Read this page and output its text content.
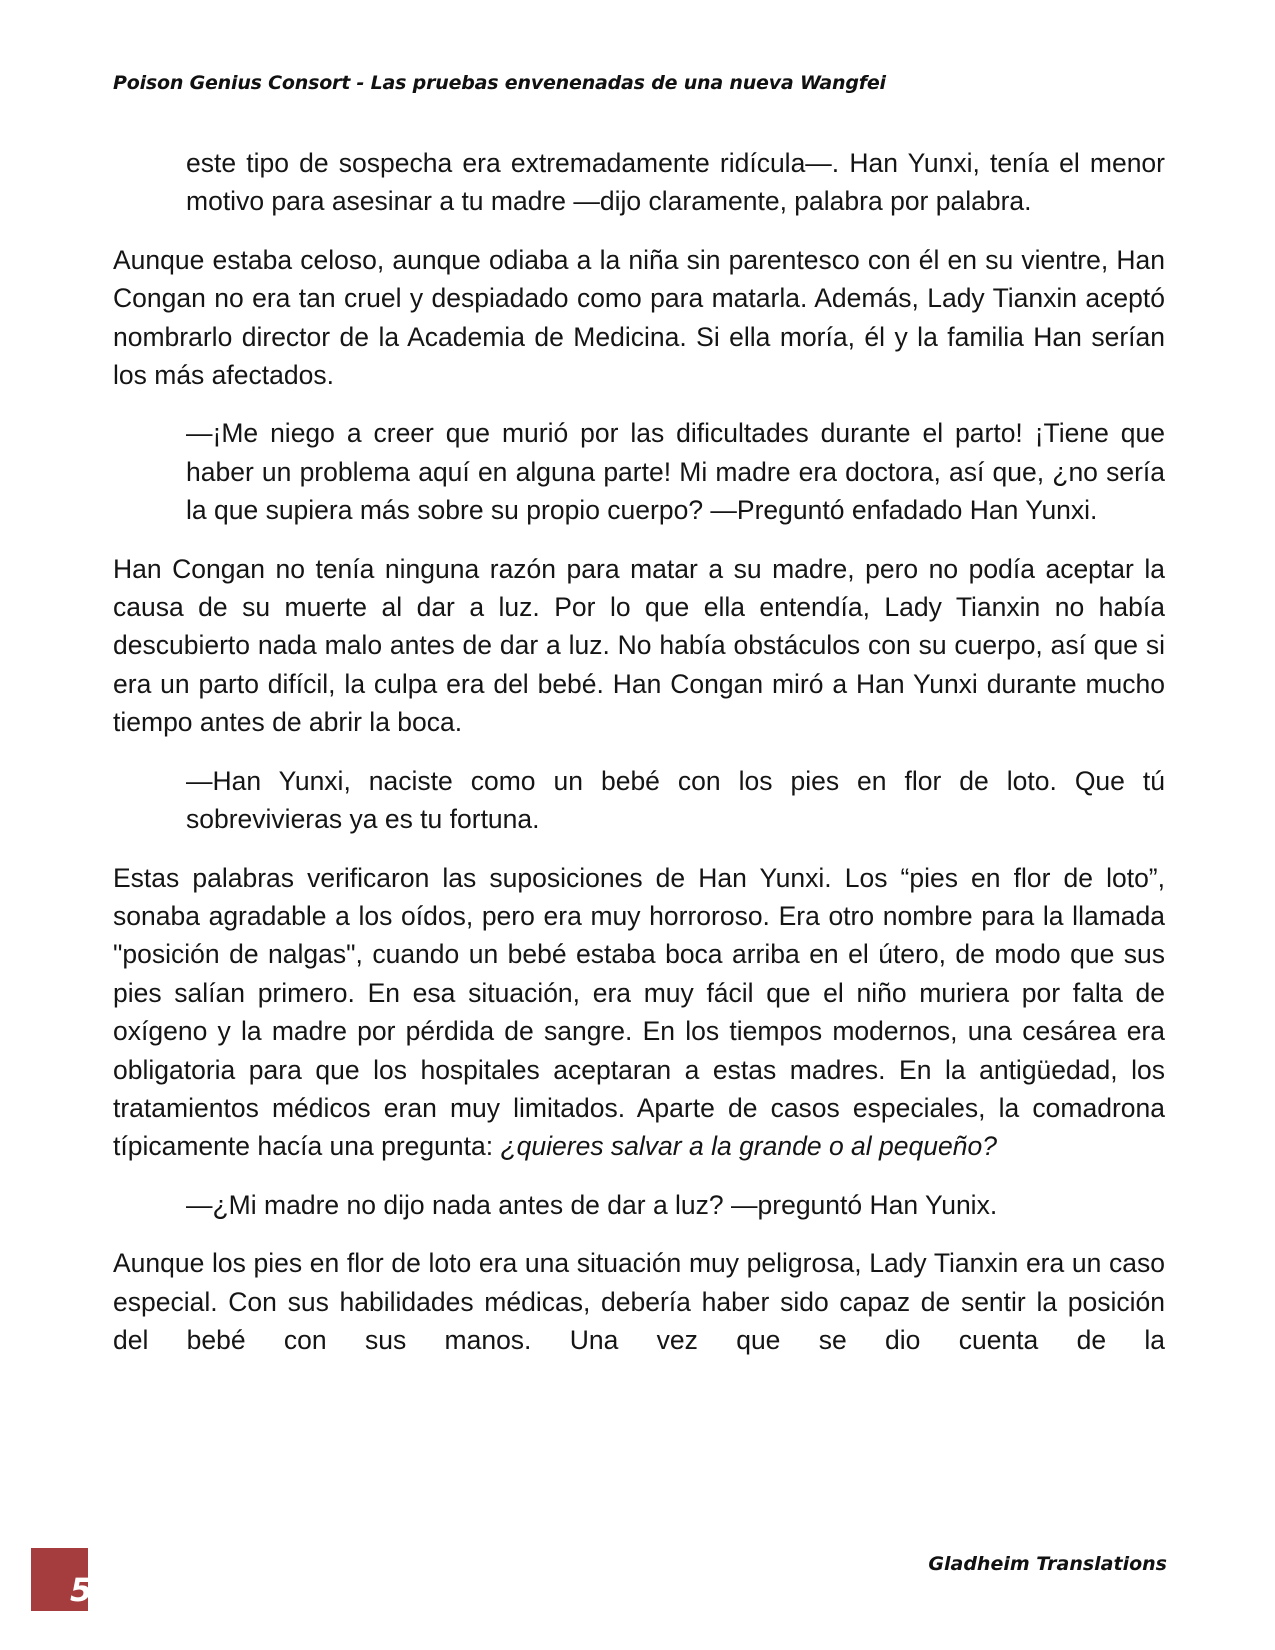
Poison Genius Consort - Las pruebas envenenadas de una nueva Wangfei

este tipo de sospecha era extremadamente ridícula—. Han Yunxi, tenía el menor motivo para asesinar a tu madre —dijo claramente, palabra por palabra.

Aunque estaba celoso, aunque odiaba a la niña sin parentesco con él en su vientre, Han Congan no era tan cruel y despiadado como para matarla. Además, Lady Tianxin aceptó nombrarlo director de la Academia de Medicina. Si ella moría, él y la familia Han serían los más afectados.

—¡Me niego a creer que murió por las dificultades durante el parto! ¡Tiene que haber un problema aquí en alguna parte! Mi madre era doctora, así que, ¿no sería la que supiera más sobre su propio cuerpo? —Preguntó enfadado Han Yunxi.

Han Congan no tenía ninguna razón para matar a su madre, pero no podía aceptar la causa de su muerte al dar a luz. Por lo que ella entendía, Lady Tianxin no había descubierto nada malo antes de dar a luz. No había obstáculos con su cuerpo, así que si era un parto difícil, la culpa era del bebé. Han Congan miró a Han Yunxi durante mucho tiempo antes de abrir la boca.

—Han Yunxi, naciste como un bebé con los pies en flor de loto. Que tú sobrevivieras ya es tu fortuna.

Estas palabras verificaron las suposiciones de Han Yunxi. Los “pies en flor de loto”, sonaba agradable a los oídos, pero era muy horroroso. Era otro nombre para la llamada "posición de nalgas", cuando un bebé estaba boca arriba en el útero, de modo que sus pies salían primero. En esa situación, era muy fácil que el niño muriera por falta de oxígeno y la madre por pérdida de sangre. En los tiempos modernos, una cesárea era obligatoria para que los hospitales aceptaran a estas madres. En la antigüedad, los tratamientos médicos eran muy limitados. Aparte de casos especiales, la comadrona típicamente hacía una pregunta: ¿quieres salvar a la grande o al pequeño?

—¿Mi madre no dijo nada antes de dar a luz? —preguntó Han Yunix.

Aunque los pies en flor de loto era una situación muy peligrosa, Lady Tianxin era un caso especial. Con sus habilidades médicas, debería haber sido capaz de sentir la posición del bebé con sus manos. Una vez que se dio cuenta de la

5
Gladheim Translations
